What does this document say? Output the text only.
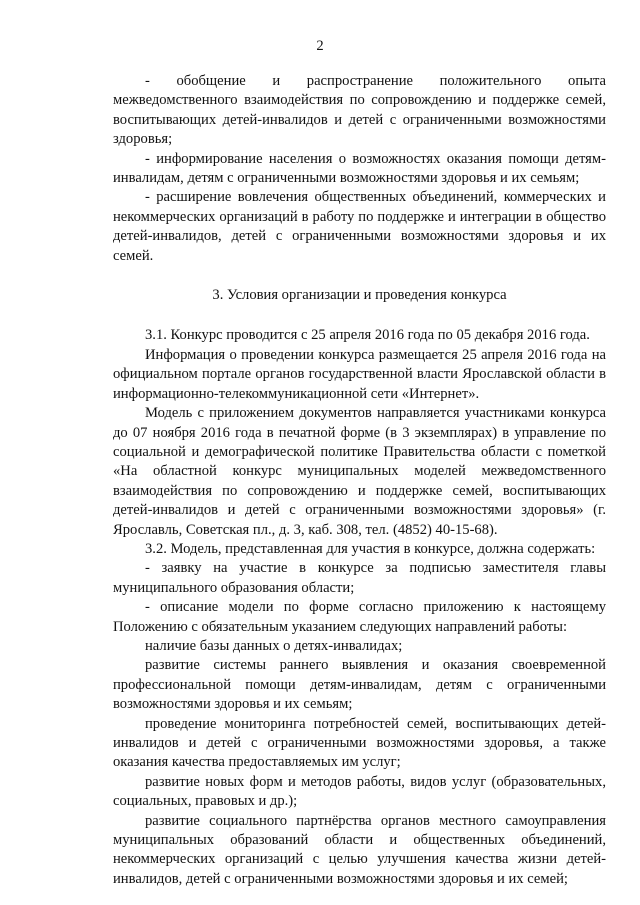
2

- обобщение и распространение положительного опыта межведомственного взаимодействия по сопровождению и поддержке семей, воспитывающих детей-инвалидов и детей с ограниченными возможностями здоровья;

- информирование населения о возможностях оказания помощи детям-инвалидам, детям с ограниченными возможностями здоровья и их семьям;

- расширение вовлечения общественных объединений, коммерческих и некоммерческих организаций в работу по поддержке и интеграции в общество детей-инвалидов, детей с ограниченными возможностями здоровья и их семей.

3. Условия организации и проведения конкурса

3.1. Конкурс проводится с 25 апреля 2016 года по 05 декабря 2016 года.

Информация о проведении конкурса размещается 25 апреля 2016 года на официальном портале органов государственной власти Ярославской области в информационно-телекоммуникационной сети «Интернет».

Модель с приложением документов направляется участниками конкурса до 07 ноября 2016 года в печатной форме (в 3 экземплярах) в управление по социальной и демографической политике Правительства области с пометкой «На областной конкурс муниципальных моделей межведомственного взаимодействия по сопровождению и поддержке семей, воспитывающих детей-инвалидов и детей с ограниченными возможностями здоровья» (г. Ярославль, Советская пл., д. 3, каб. 308, тел. (4852) 40-15-68).

3.2. Модель, представленная для участия в конкурсе, должна содержать:

- заявку на участие в конкурсе за подписью заместителя главы муниципального образования области;

- описание модели по форме согласно приложению к настоящему Положению с обязательным указанием следующих направлений работы:

наличие базы данных о детях-инвалидах;

развитие системы раннего выявления и оказания своевременной профессиональной помощи детям-инвалидам, детям с ограниченными возможностями здоровья и их семьям;

проведение мониторинга потребностей семей, воспитывающих детей-инвалидов и детей с ограниченными возможностями здоровья, а также оказания качества предоставляемых им услуг;

развитие новых форм и методов работы, видов услуг (образовательных, социальных, правовых и др.);

развитие социального партнёрства органов местного самоуправления муниципальных образований области и общественных объединений, некоммерческих организаций с целью улучшения качества жизни детей-инвалидов, детей с ограниченными возможностями здоровья и их семей;
